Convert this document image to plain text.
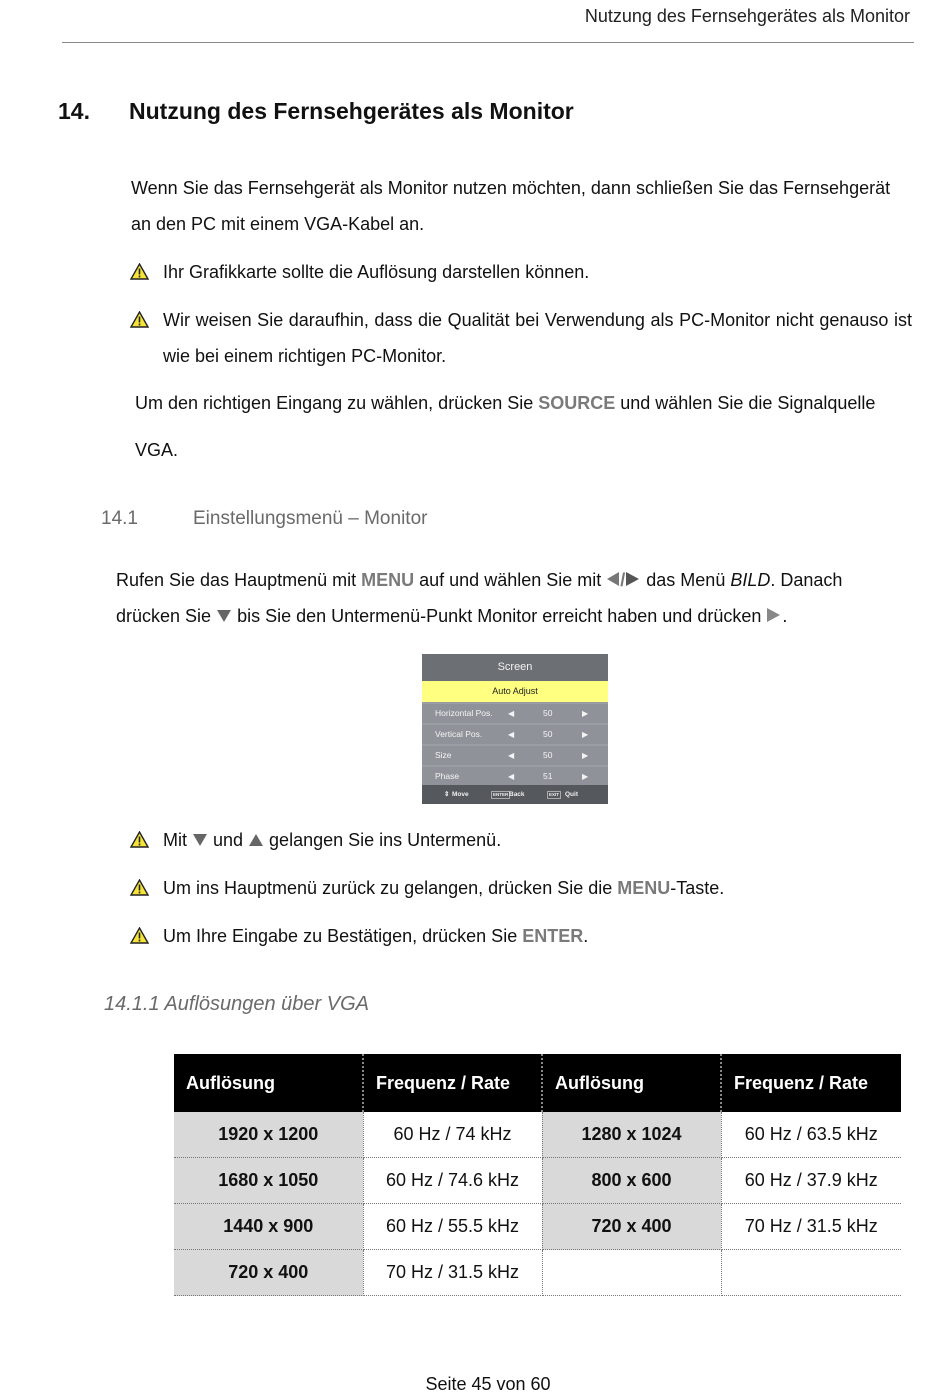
Nutzung des Fernsehgerätes als Monitor
14. Nutzung des Fernsehgerätes als Monitor
Wenn Sie das Fernsehgerät als Monitor nutzen möchten, dann schließen Sie das Fernsehgerät
an den PC mit einem VGA-Kabel an.
Ihr Grafikkarte sollte die Auflösung darstellen können.
Wir weisen Sie daraufhin, dass die Qualität bei Verwendung als PC-Monitor nicht genauso ist wie bei einem richtigen PC-Monitor.
Um den richtigen Eingang zu wählen, drücken Sie SOURCE und wählen Sie die Signalquelle
VGA.
14.1	Einstellungsmenü – Monitor
Rufen Sie das Hauptmenü mit MENU auf und wählen Sie mit / das Menü BILD. Danach
drücken Sie  bis Sie den Untermenü-Punkt Monitor erreicht haben und drücken .
Screen
Auto Adjust
Horizontal Pos. ◀	50	▶
Vertical Pos.	◀	50	▶
Size	◀	50	▶
Phase	◀	51	▶
⇕ Move	ENTER Back	EXIT Quit
Mit  und  gelangen Sie ins Untermenü.
Um ins Hauptmenü zurück zu gelangen, drücken Sie die MENU-Taste.
Um Ihre Eingabe zu Bestätigen, drücken Sie ENTER.
14.1.1 Auflösungen über VGA
Auflösung	Frequenz / Rate	Auflösung	Frequenz / Rate
1920 x 1200	60 Hz / 74 kHz	1280 x 1024	60 Hz / 63.5 kHz
1680 x 1050	60 Hz / 74.6 kHz	800 x 600	60 Hz / 37.9 kHz
1440 x 900	60 Hz / 55.5 kHz	720 x 400	70 Hz / 31.5 kHz
720 x 400	70 Hz / 31.5 kHz		
Seite 45 von 60
